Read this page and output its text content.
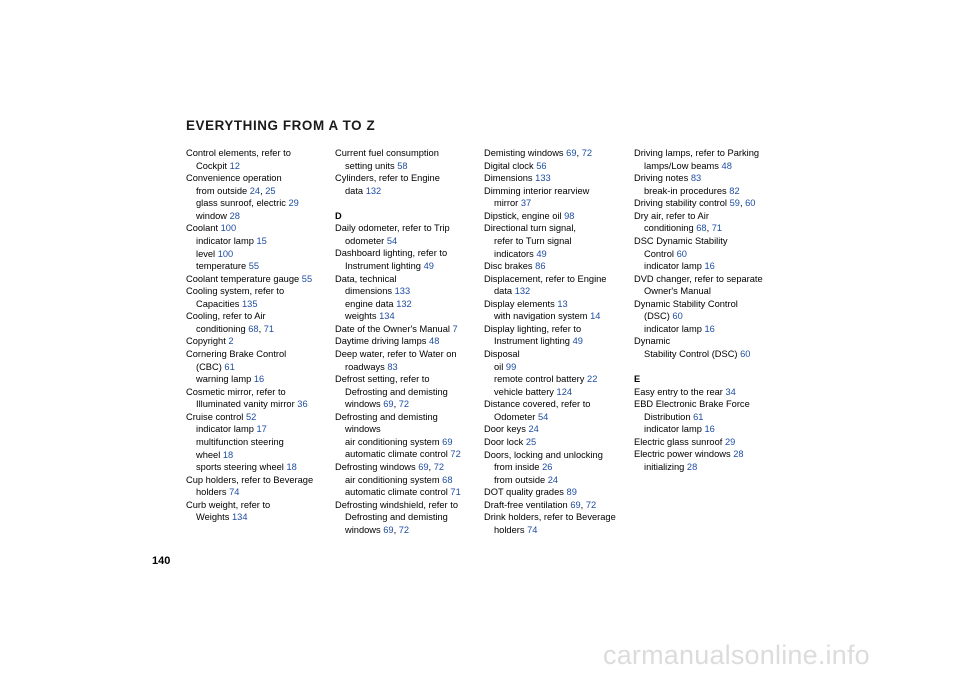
EVERYTHING FROM A TO Z
Control elements, refer to
Cockpit 12
Convenience operation
from outside 24, 25
glass sunroof, electric 29
window 28
Coolant 100
indicator lamp 15
level 100
temperature 55
Coolant temperature gauge 55
Cooling system, refer to
Capacities 135
Cooling, refer to Air
conditioning 68, 71
Copyright 2
Cornering Brake Control
(CBC) 61
warning lamp 16
Cosmetic mirror, refer to
Illuminated vanity mirror 36
Cruise control 52
indicator lamp 17
multifunction steering
wheel 18
sports steering wheel 18
Cup holders, refer to Beverage
holders 74
Curb weight, refer to
Weights 134
Current fuel consumption
setting units 58
Cylinders, refer to Engine
data 132
D
Daily odometer, refer to Trip
odometer 54
Dashboard lighting, refer to
Instrument lighting 49
Data, technical
dimensions 133
engine data 132
weights 134
Date of the Owner's Manual 7
Daytime driving lamps 48
Deep water, refer to Water on
roadways 83
Defrost setting, refer to
Defrosting and demisting
windows 69, 72
Defrosting and demisting
windows
air conditioning system 69
automatic climate control 72
Defrosting windows 69, 72
air conditioning system 68
automatic climate control 71
Defrosting windshield, refer to
Defrosting and demisting
windows 69, 72
Demisting windows 69, 72
Digital clock 56
Dimensions 133
Dimming interior rearview
mirror 37
Dipstick, engine oil 98
Directional turn signal,
refer to Turn signal
indicators 49
Disc brakes 86
Displacement, refer to Engine
data 132
Display elements 13
with navigation system 14
Display lighting, refer to
Instrument lighting 49
Disposal
oil 99
remote control battery 22
vehicle battery 124
Distance covered, refer to
Odometer 54
Door keys 24
Door lock 25
Doors, locking and unlocking
from inside 26
from outside 24
DOT quality grades 89
Draft-free ventilation 69, 72
Drink holders, refer to Beverage
holders 74
Driving lamps, refer to Parking
lamps/Low beams 48
Driving notes 83
break-in procedures 82
Driving stability control 59, 60
Dry air, refer to Air
conditioning 68, 71
DSC Dynamic Stability
Control 60
indicator lamp 16
DVD changer, refer to separate
Owner's Manual
Dynamic Stability Control
(DSC) 60
indicator lamp 16
Dynamic
Stability Control (DSC) 60
E
Easy entry to the rear 34
EBD Electronic Brake Force
Distribution 61
indicator lamp 16
Electric glass sunroof 29
Electric power windows 28
initializing 28
140
carmanualsonline.info
